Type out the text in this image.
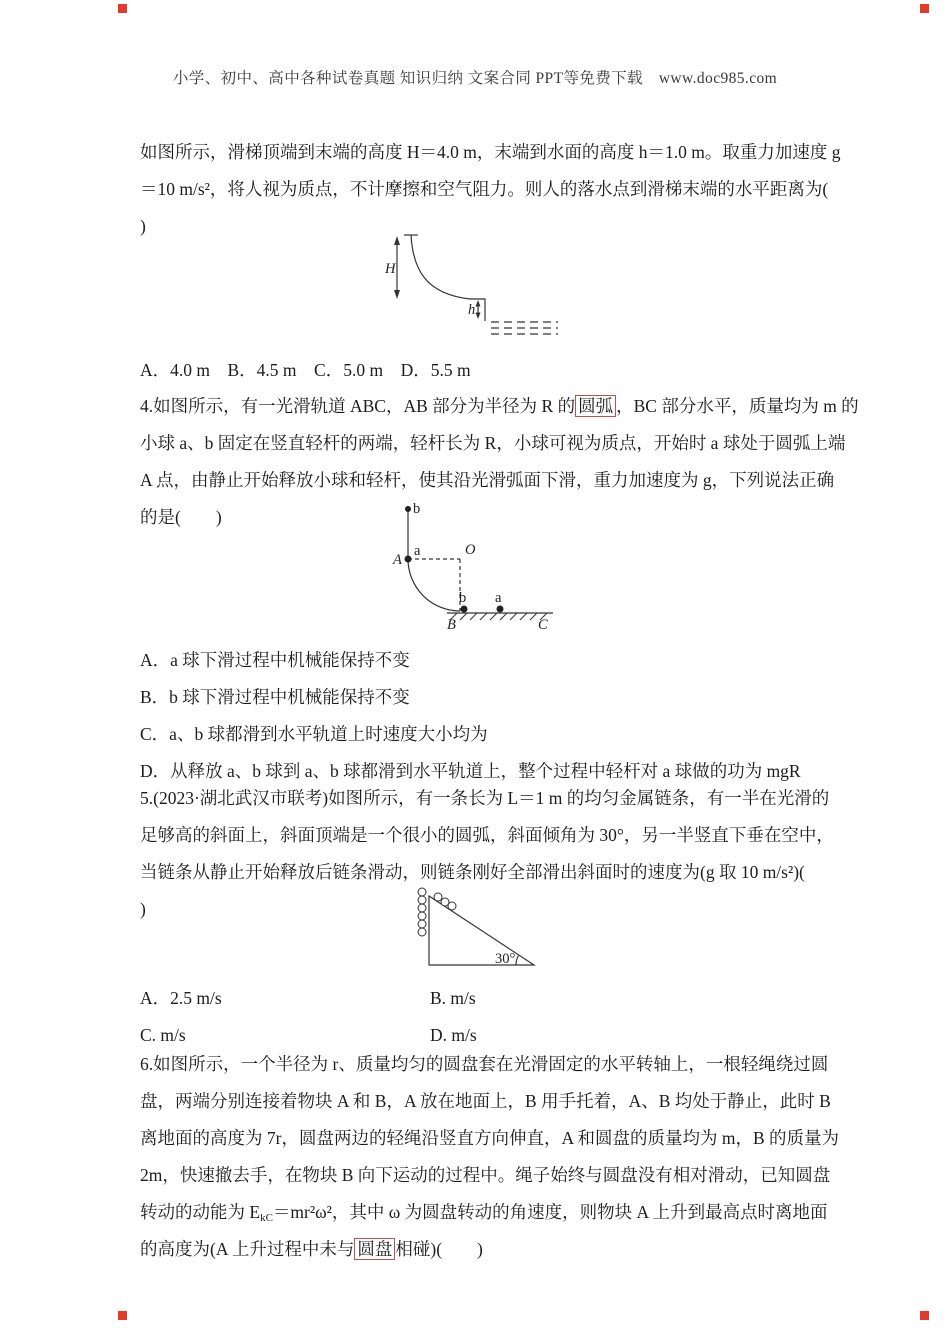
小学、初中、高中各种试卷真题 知识归纳 文案合同 PPT等免费下载　www.doc985.com
如图所示，滑梯顶端到末端的高度 H＝4.0 m，末端到水面的高度 h＝1.0 m。取重力加速度 g
＝10 m/s²，将人视为质点，不计摩擦和空气阻力。则人的落水点到滑梯末端的水平距离为(
)
H
h
A．4.0 m　B．4.5 m　C．5.0 m　D．5.5 m
4.如图所示，有一光滑轨道 ABC，AB 部分为半径为 R 的 圆弧 ，BC 部分水平，质量均为 m 的
小球 a、b 固定在竖直轻杆的两端，轻杆长为 R，小球可视为质点，开始时 a 球处于圆弧上端
A 点，由静止开始释放小球和轻杆，使其沿光滑弧面下滑，重力加速度为 g，下列说法正确
的是(　　)	b
a
A
O
b a
B	C
A．a 球下滑过程中机械能保持不变
B．b 球下滑过程中机械能保持不变
C．a、b 球都滑到水平轨道上时速度大小均为
D．从释放 a、b 球到 a、b 球都滑到水平轨道上，整个过程中轻杆对 a 球做的功为 mgR
5.(2023·湖北武汉市联考)如图所示，有一条长为 L＝1 m 的均匀金属链条，有一半在光滑的
足够高的斜面上，斜面顶端是一个很小的圆弧，斜面倾角为 30°，另一半竖直下垂在空中，
当链条从静止开始释放后链条滑动，则链条刚好全部滑出斜面时的速度为(g 取 10 m/s²)(
)
30°
A．2.5 m/s	B. m/s
C. m/s	D. m/s
6.如图所示，一个半径为 r、质量均匀的圆盘套在光滑固定的水平转轴上，一根轻绳绕过圆
盘，两端分别连接着物块 A 和 B，A 放在地面上，B 用手托着，A、B 均处于静止，此时 B
离地面的高度为 7r，圆盘两边的轻绳沿竖直方向伸直，A 和圆盘的质量均为 m，B 的质量为
2m，快速撤去手，在物块 B 向下运动的过程中。绳子始终与圆盘没有相对滑动，已知圆盘
转动的动能为 $E_{kC}=mr^2\omega^2$，其中 ω 为圆盘转动的角速度，则物块 A 上升到最高点时离地面
的高度为(A 上升过程中未与 圆盘 相碰)(　　)
